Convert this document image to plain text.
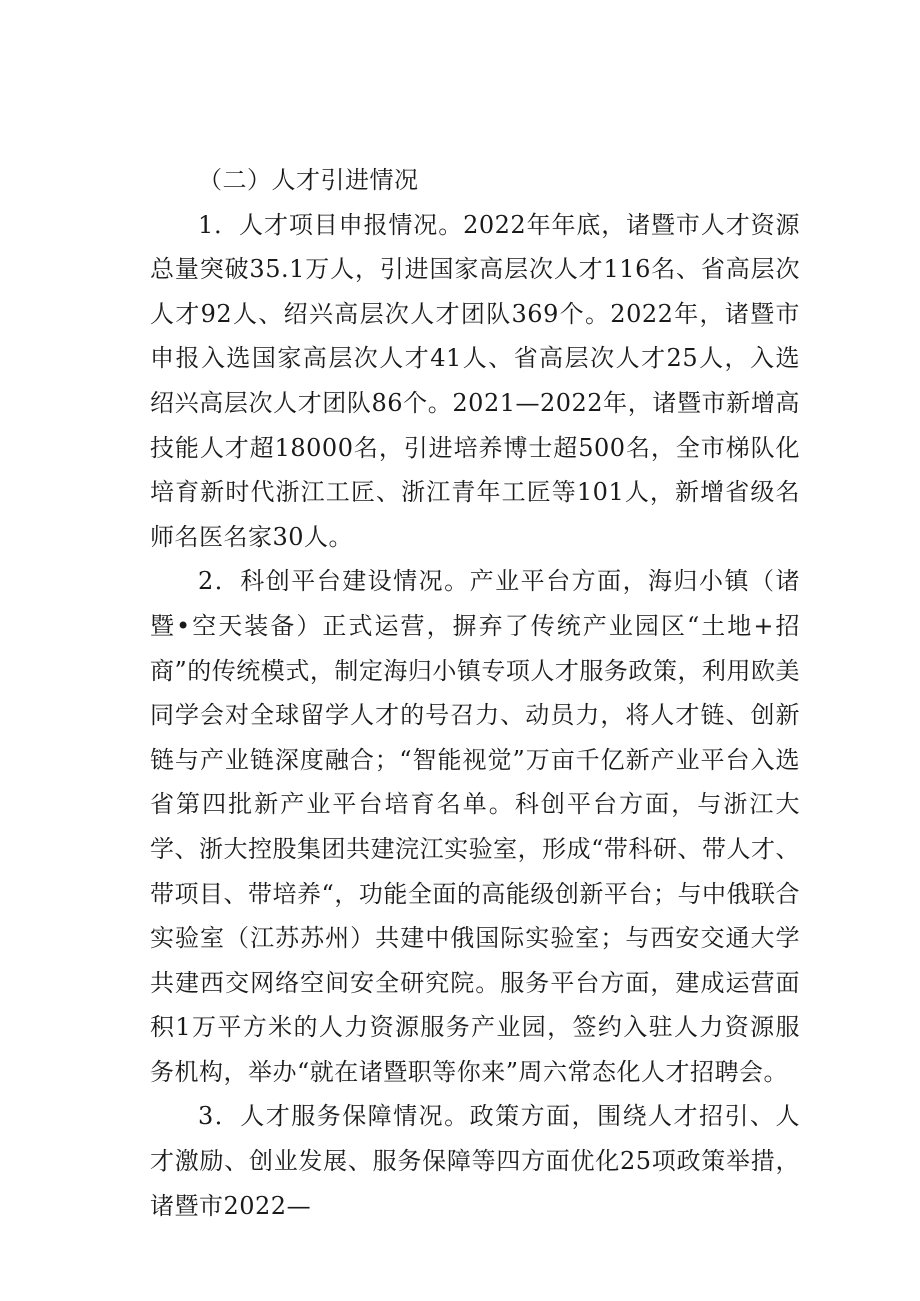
（二）人才引进情况

1．人才项目申报情况。2022年年底，诸暨市人才资源总量突破35.1万人，引进国家高层次人才116名、省高层次人才92人、绍兴高层次人才团队369个。2022年，诸暨市申报入选国家高层次人才41人、省高层次人才25人，入选绍兴高层次人才团队86个。2021—2022年，诸暨市新增高技能人才超18000名，引进培养博士超500名，全市梯队化培育新时代浙江工匠、浙江青年工匠等101人，新增省级名师名医名家30人。

2．科创平台建设情况。产业平台方面，海归小镇（诸暨•空天装备）正式运营，摒弃了传统产业园区“土地+招商”的传统模式，制定海归小镇专项人才服务政策，利用欧美同学会对全球留学人才的号召力、动员力，将人才链、创新链与产业链深度融合；“智能视觉”万亩千亿新产业平台入选省第四批新产业平台培育名单。科创平台方面，与浙江大学、浙大控股集团共建浣江实验室，形成“带科研、带人才、带项目、带培养“，功能全面的高能级创新平台；与中俄联合实验室（江苏苏州）共建中俄国际实验室；与西安交通大学共建西交网络空间安全研究院。服务平台方面，建成运营面积1万平方米的人力资源服务产业园，签约入驻人力资源服务机构，举办“就在诸暨职等你来”周六常态化人才招聘会。

3．人才服务保障情况。政策方面，围绕人才招引、人才激励、创业发展、服务保障等四方面优化25项政策举措，诸暨市2022—
